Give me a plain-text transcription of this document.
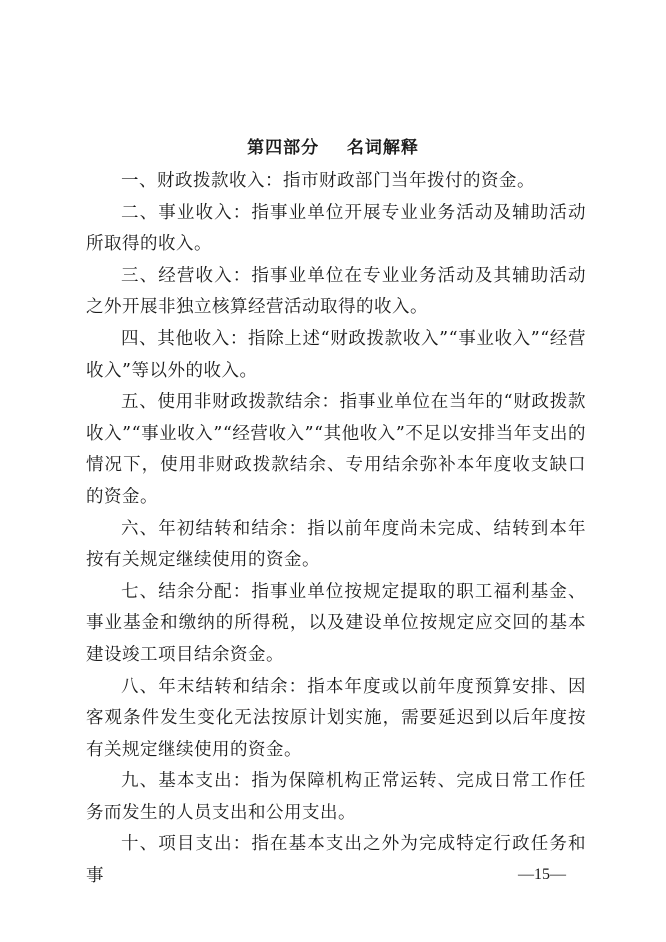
第四部分    名词解释

一、财政拨款收入：指市财政部门当年拨付的资金。

二、事业收入：指事业单位开展专业业务活动及辅助活动所取得的收入。

三、经营收入：指事业单位在专业业务活动及其辅助活动之外开展非独立核算经营活动取得的收入。

四、其他收入：指除上述“财政拨款收入”“事业收入”“经营收入”等以外的收入。

五、使用非财政拨款结余：指事业单位在当年的“财政拨款收入”“事业收入”“经营收入”“其他收入”不足以安排当年支出的情况下，使用非财政拨款结余、专用结余弥补本年度收支缺口的资金。

六、年初结转和结余：指以前年度尚未完成、结转到本年 按有关规定继续使用的资金。

七、结余分配：指事业单位按规定提取的职工福利基金、事业基金和缴纳的所得税，以及建设单位按规定应交回的基本建设竣工项目结余资金。

八、年末结转和结余：指本年度或以前年度预算安排、因客观条件发生变化无法按原计划实施，需要延迟到以后年度按有关规定继续使用的资金。

九、基本支出：指为保障机构正常运转、完成日常工作任务而发生的人员支出和公用支出。

十、项目支出：指在基本支出之外为完成特定行政任务和事	—15—
